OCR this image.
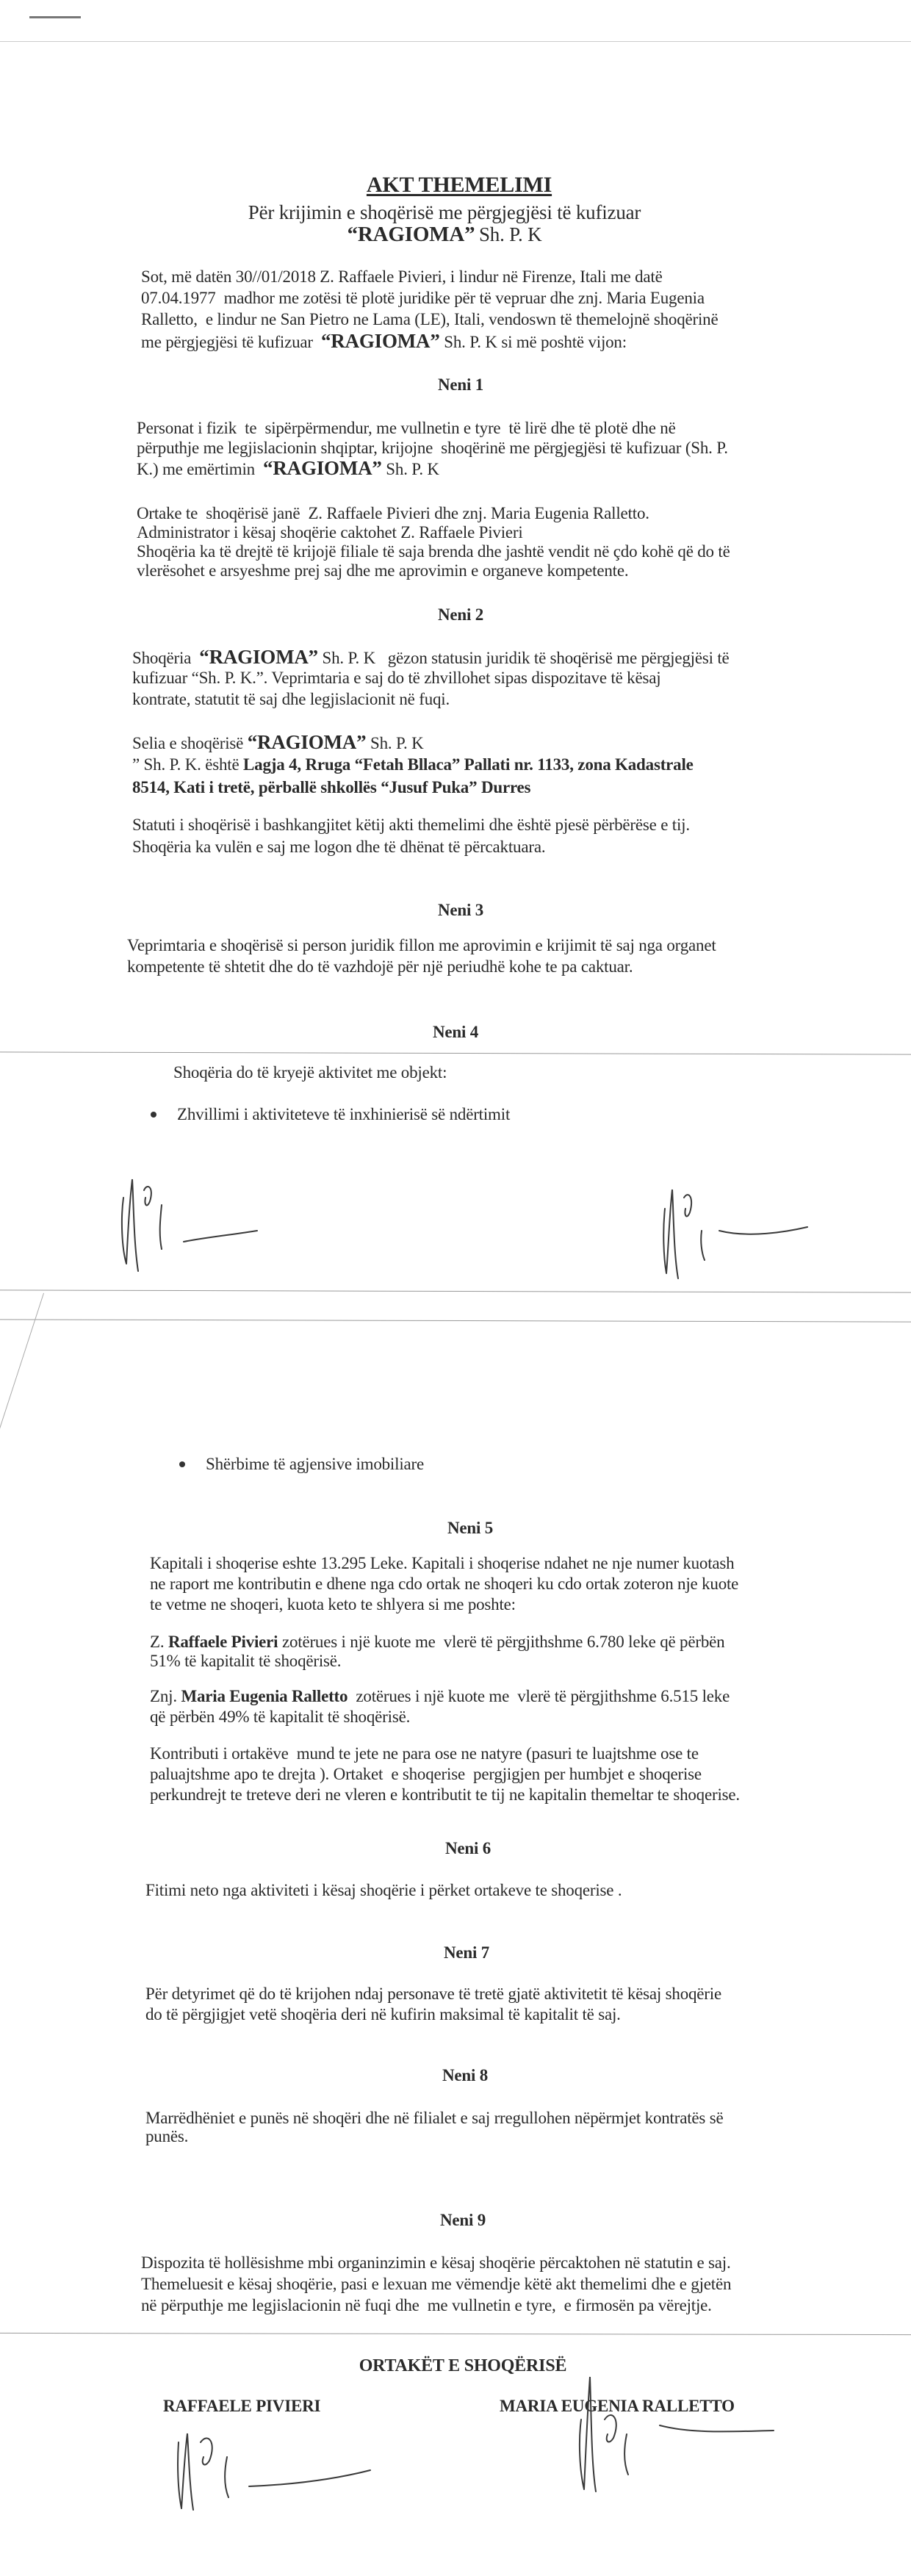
AKT THEMELIMI
Për krijimin e shoqërisë me përgjegjësi të kufizuar
“RAGIOMA” Sh. P. K
Sot, më datën 30//01/2018 Z. Raffaele Pivieri, i lindur në Firenze, Itali me datë
07.04.1977  madhor me zotësi të plotë juridike për të vepruar dhe znj. Maria Eugenia
Ralletto,  e lindur ne San Pietro ne Lama (LE), Itali, vendoswn të themelojnë shoqërinë
me përgjegjësi të kufizuar  “RAGIOMA” Sh. P. K si më poshtë vijon:
Neni 1
Personat i fizik  te  sipërpërmendur, me vullnetin e tyre  të lirë dhe të plotë dhe në
përputhje me legjislacionin shqiptar, krijojne  shoqërinë me përgjegjësi të kufizuar (Sh. P.
K.) me emërtimin  “RAGIOMA” Sh. P. K
Ortake te  shoqërisë janë  Z. Raffaele Pivieri dhe znj. Maria Eugenia Ralletto.
Administrator i kësaj shoqërie caktohet Z. Raffaele Pivieri
Shoqëria ka të drejtë të krijojë filiale të saja brenda dhe jashtë vendit në çdo kohë që do të
vlerësohet e arsyeshme prej saj dhe me aprovimin e organeve kompetente.
Neni 2
Shoqëria  “RAGIOMA” Sh. P. K   gëzon statusin juridik të shoqërisë me përgjegjësi të
kufizuar “Sh. P. K.”. Veprimtaria e saj do të zhvillohet sipas dispozitave të kësaj
kontrate, statutit të saj dhe legjislacionit në fuqi.
Selia e shoqërisë “RAGIOMA” Sh. P. K
” Sh. P. K. është Lagja 4, Rruga “Fetah Bllaca” Pallati nr. 1133, zona Kadastrale
8514, Kati i tretë, përballë shkollës “Jusuf Puka” Durres
Statuti i shoqërisë i bashkangjitet këtij akti themelimi dhe është pjesë përbërëse e tij.
Shoqëria ka vulën e saj me logon dhe të dhënat të përcaktuara.
Neni 3
Veprimtaria e shoqërisë si person juridik fillon me aprovimin e krijimit të saj nga organet
kompetente të shtetit dhe do të vazhdojë për një periudhë kohe te pa caktuar.
Neni 4
Shoqëria do të kryejë aktivitet me objekt:
Zhvillimi i aktiviteteve të inxhinierisë së ndërtimit
Shërbime të agjensive imobiliare
Neni 5
Kapitali i shoqerise eshte 13.295 Leke. Kapitali i shoqerise ndahet ne nje numer kuotash
ne raport me kontributin e dhene nga cdo ortak ne shoqeri ku cdo ortak zoteron nje kuote
te vetme ne shoqeri, kuota keto te shlyera si me poshte:
Z. Raffaele Pivieri zotërues i një kuote me  vlerë të përgjithshme 6.780 leke që përbën
51% të kapitalit të shoqërisë.
Znj. Maria Eugenia Ralletto  zotërues i një kuote me  vlerë të përgjithshme 6.515 leke
që përbën 49% të kapitalit të shoqërisë.
Kontributi i ortakëve  mund te jete ne para ose ne natyre (pasuri te luajtshme ose te
paluajtshme apo te drejta ). Ortaket  e shoqerise  pergjigjen per humbjet e shoqerise
perkundrejt te treteve deri ne vleren e kontributit te tij ne kapitalin themeltar te shoqerise.
Neni 6
Fitimi neto nga aktiviteti i kësaj shoqërie i përket ortakeve te shoqerise .
Neni 7
Për detyrimet që do të krijohen ndaj personave të tretë gjatë aktivitetit të kësaj shoqërie
do të përgjigjet vetë shoqëria deri në kufirin maksimal të kapitalit të saj.
Neni 8
Marrëdhëniet e punës në shoqëri dhe në filialet e saj rregullohen nëpërmjet kontratës së
punës.
Neni 9
Dispozita të hollësishme mbi organinzimin e kësaj shoqërie përcaktohen në statutin e saj.
Themeluesit e kësaj shoqërie, pasi e lexuan me vëmendje këtë akt themelimi dhe e gjetën
në përputhje me legjislacionin në fuqi dhe  me vullnetin e tyre,  e firmosën pa vërejtje.
ORTAKËT E SHOQËRISË
RAFFAELE PIVIERI	MARIA EUGENIA RALLETTO
